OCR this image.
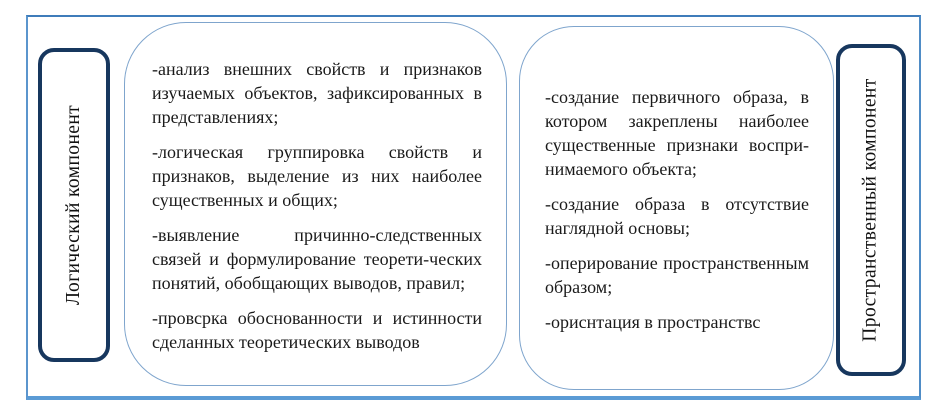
Логический компонент

-анализ внешних свойств и признаков изучаемых объектов, зафиксированных в представлениях;

-логическая группировка свойств и признаков, выделение из них наиболее существенных и общих;

-выявление причинно-следственных связей и формулирование теорети-ческих понятий, обобщающих выводов, правил;

-провсрка обоснованности и истинности сделанных теоретических выводов

-создание первичного образа, в котором закреплены наиболее существенные признаки воспри-нимаемого объекта;

-создание образа в отсутствие наглядной основы;

-оперирование пространственным образом;

-ориснтация в пространствс	Пространственный компонент
